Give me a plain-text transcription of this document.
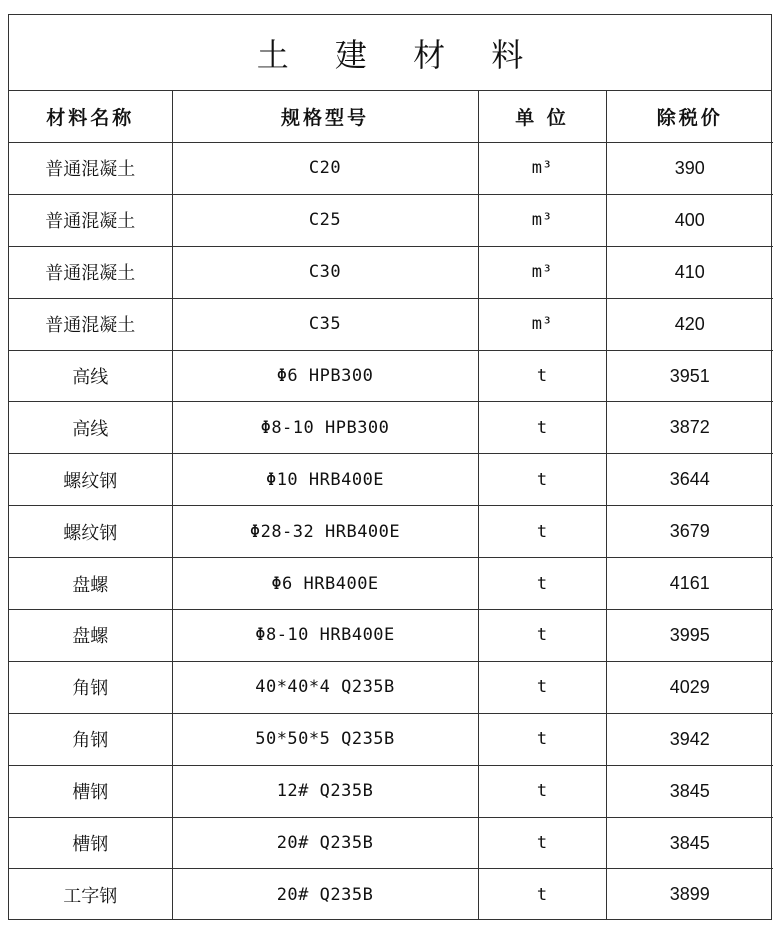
土 建 材 料
材料名称	规格型号	单 位	除税价
普通混凝土	C20	m³	390
普通混凝土	C25	m³	400
普通混凝土	C30	m³	410
普通混凝土	C35	m³	420
高线	Φ6 HPB300	t	3951
高线	Φ8-10 HPB300	t	3872
螺纹钢	Φ10 HRB400E	t	3644
螺纹钢	Φ28-32 HRB400E	t	3679
盘螺	Φ6 HRB400E	t	4161
盘螺	Φ8-10 HRB400E	t	3995
角钢	40*40*4 Q235B	t	4029
角钢	50*50*5 Q235B	t	3942
槽钢	12# Q235B	t	3845
槽钢	20# Q235B	t	3845
工字钢	20# Q235B	t	3899
